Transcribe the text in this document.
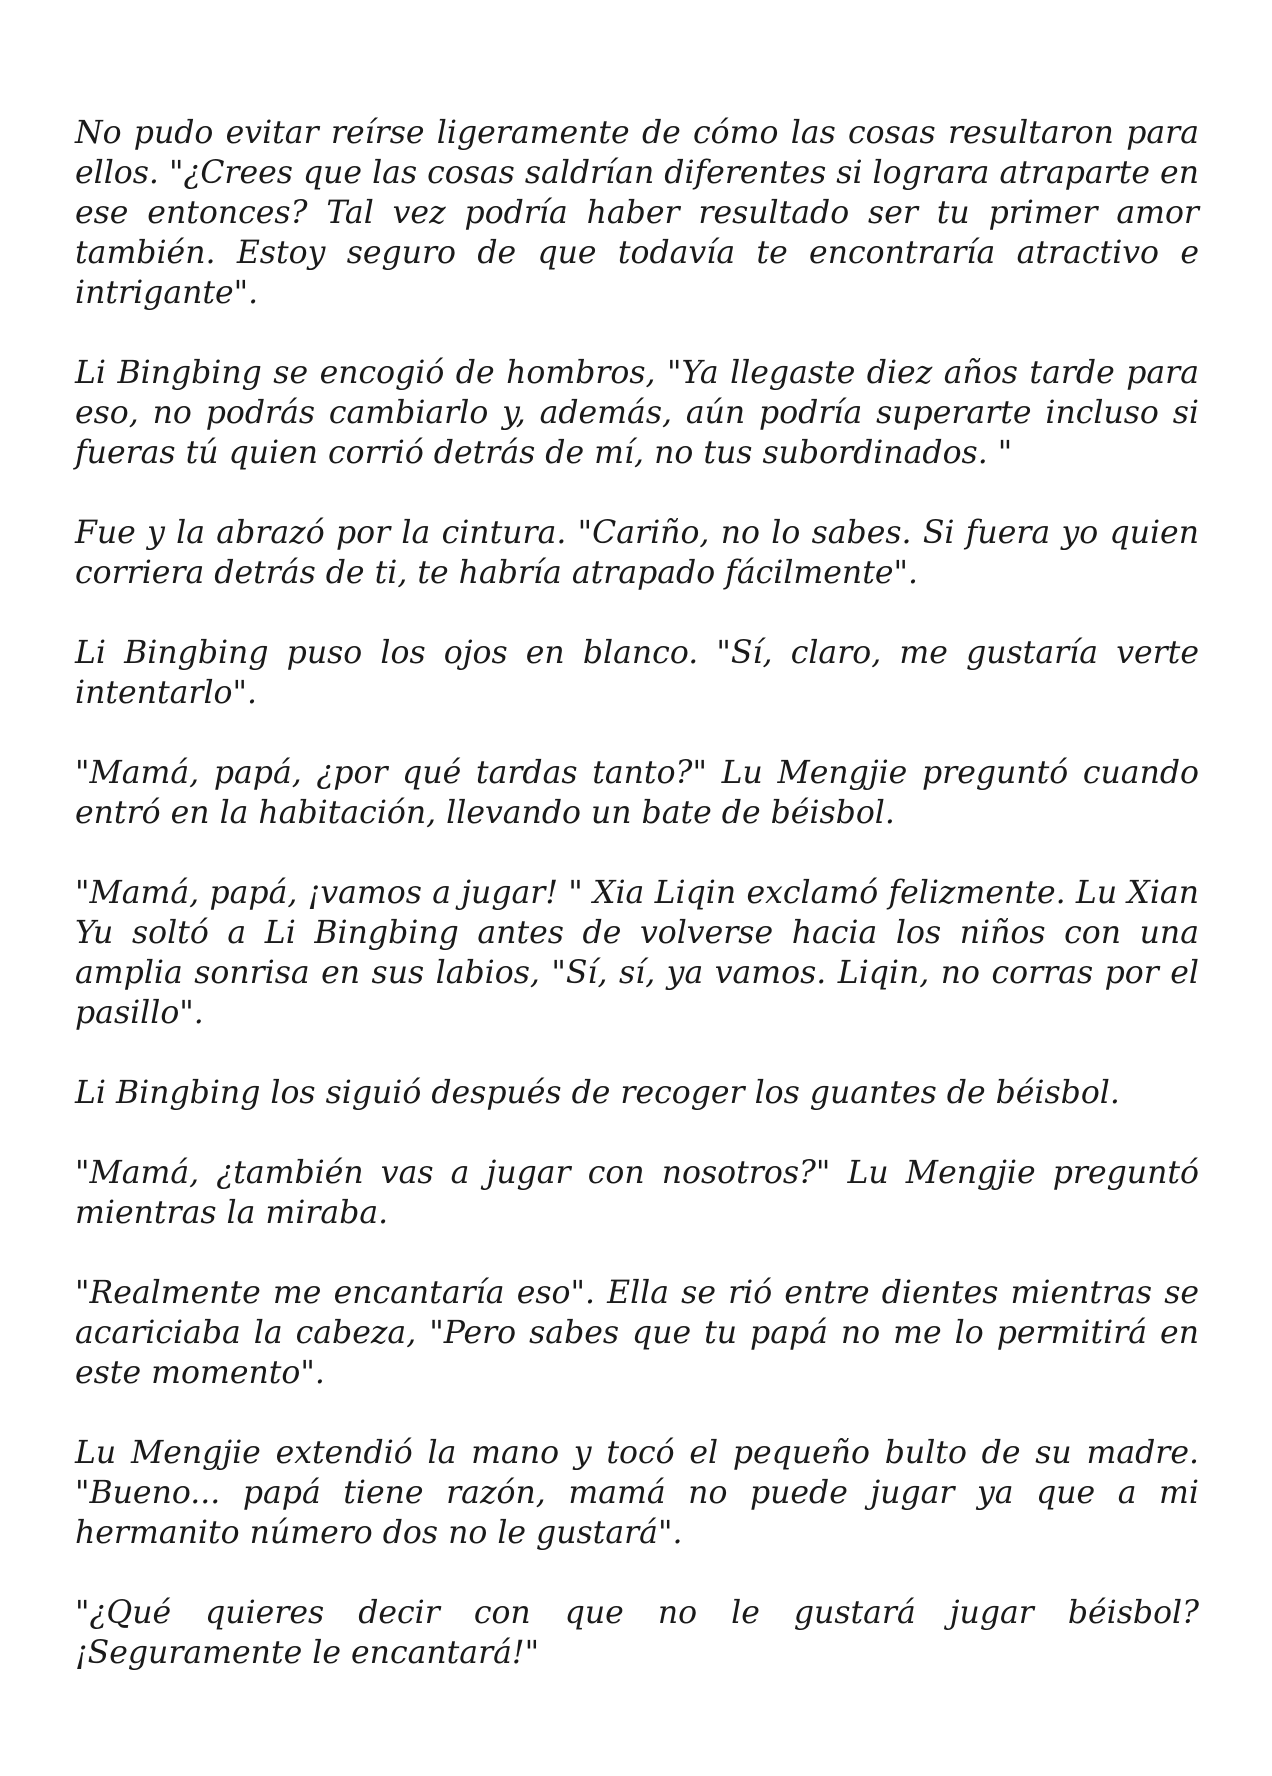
No pudo evitar reírse ligeramente de cómo las cosas resultaron para ellos. "¿Crees que las cosas saldrían diferentes si lograra atraparte en ese entonces? Tal vez podría haber resultado ser tu primer amor también. Estoy seguro de que todavía te encontraría atractivo e intrigante".

Li Bingbing se encogió de hombros, "Ya llegaste diez años tarde para eso, no podrás cambiarlo y, además, aún podría superarte incluso si fueras tú quien corrió detrás de mí, no tus subordinados. "

Fue y la abrazó por la cintura. "Cariño, no lo sabes. Si fuera yo quien corriera detrás de ti, te habría atrapado fácilmente".

Li Bingbing puso los ojos en blanco. "Sí, claro, me gustaría verte intentarlo".

"Mamá, papá, ¿por qué tardas tanto?" Lu Mengjie preguntó cuando entró en la habitación, llevando un bate de béisbol.

"Mamá, papá, ¡vamos a jugar! " Xia Liqin exclamó felizmente. Lu Xian Yu soltó a Li Bingbing antes de volverse hacia los niños con una amplia sonrisa en sus labios, "Sí, sí, ya vamos. Liqin, no corras por el pasillo".

Li Bingbing los siguió después de recoger los guantes de béisbol.

"Mamá, ¿también vas a jugar con nosotros?" Lu Mengjie preguntó mientras la miraba.

"Realmente me encantaría eso". Ella se rió entre dientes mientras se acariciaba la cabeza, "Pero sabes que tu papá no me lo permitirá en este momento".

Lu Mengjie extendió la mano y tocó el pequeño bulto de su madre. "Bueno... papá tiene razón, mamá no puede jugar ya que a mi hermanito número dos no le gustará".

"¿Qué quieres decir con que no le gustará jugar béisbol? ¡Seguramente le encantará!"
